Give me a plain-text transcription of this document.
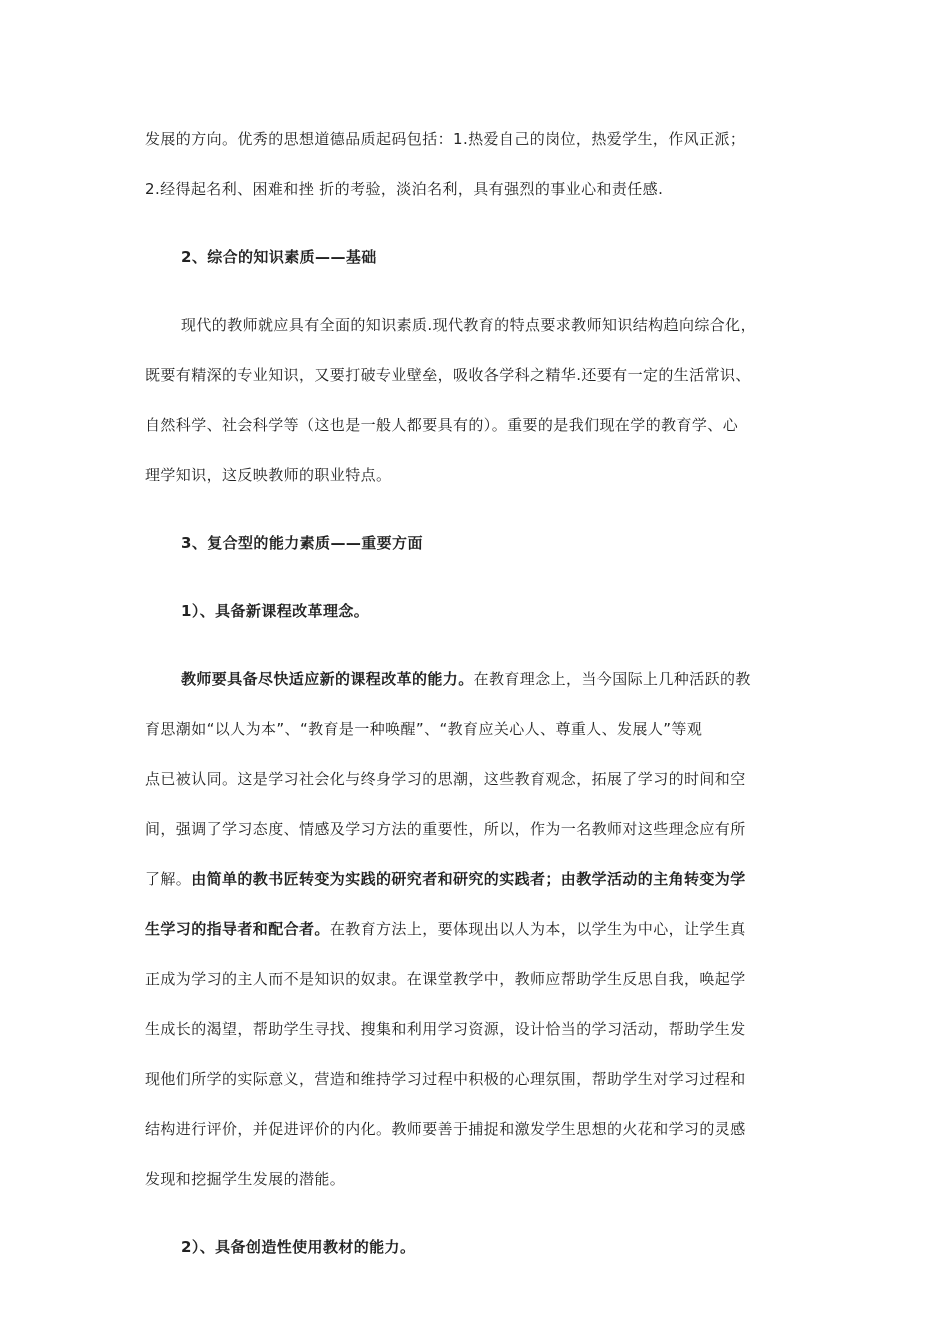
发展的方向。优秀的思想道德品质起码包括：1.热爱自己的岗位，热爱学生，作风正派；
2.经得起名利、困难和挫 折的考验，淡泊名利，具有强烈的事业心和责任感.
2、综合的知识素质——基础
现代的教师就应具有全面的知识素质.现代教育的特点要求教师知识结构趋向综合化，
既要有精深的专业知识，又要打破专业壁垒，吸收各学科之精华.还要有一定的生活常识、
自然科学、社会科学等（这也是一般人都要具有的）。重要的是我们现在学的教育学、心
理学知识，这反映教师的职业特点。
3、复合型的能力素质——重要方面
1）、具备新课程改革理念。
教师要具备尽快适应新的课程改革的能力。在教育理念上，当今国际上几种活跃的教
育思潮如“以人为本”、“教育是一种唤醒”、“教育应关心人、尊重人、发展人”等观
点已被认同。这是学习社会化与终身学习的思潮，这些教育观念，拓展了学习的时间和空
间，强调了学习态度、情感及学习方法的重要性，所以，作为一名教师对这些理念应有所
了解。由简单的教书匠转变为实践的研究者和研究的实践者；由教学活动的主角转变为学
生学习的指导者和配合者。在教育方法上，要体现出以人为本，以学生为中心，让学生真
正成为学习的主人而不是知识的奴隶。在课堂教学中，教师应帮助学生反思自我，唤起学
生成长的渴望，帮助学生寻找、搜集和利用学习资源，设计恰当的学习活动，帮助学生发
现他们所学的实际意义，营造和维持学习过程中积极的心理氛围，帮助学生对学习过程和
结构进行评价，并促进评价的内化。教师要善于捕捉和激发学生思想的火花和学习的灵感
发现和挖掘学生发展的潜能。
2）、具备创造性使用教材的能力。
